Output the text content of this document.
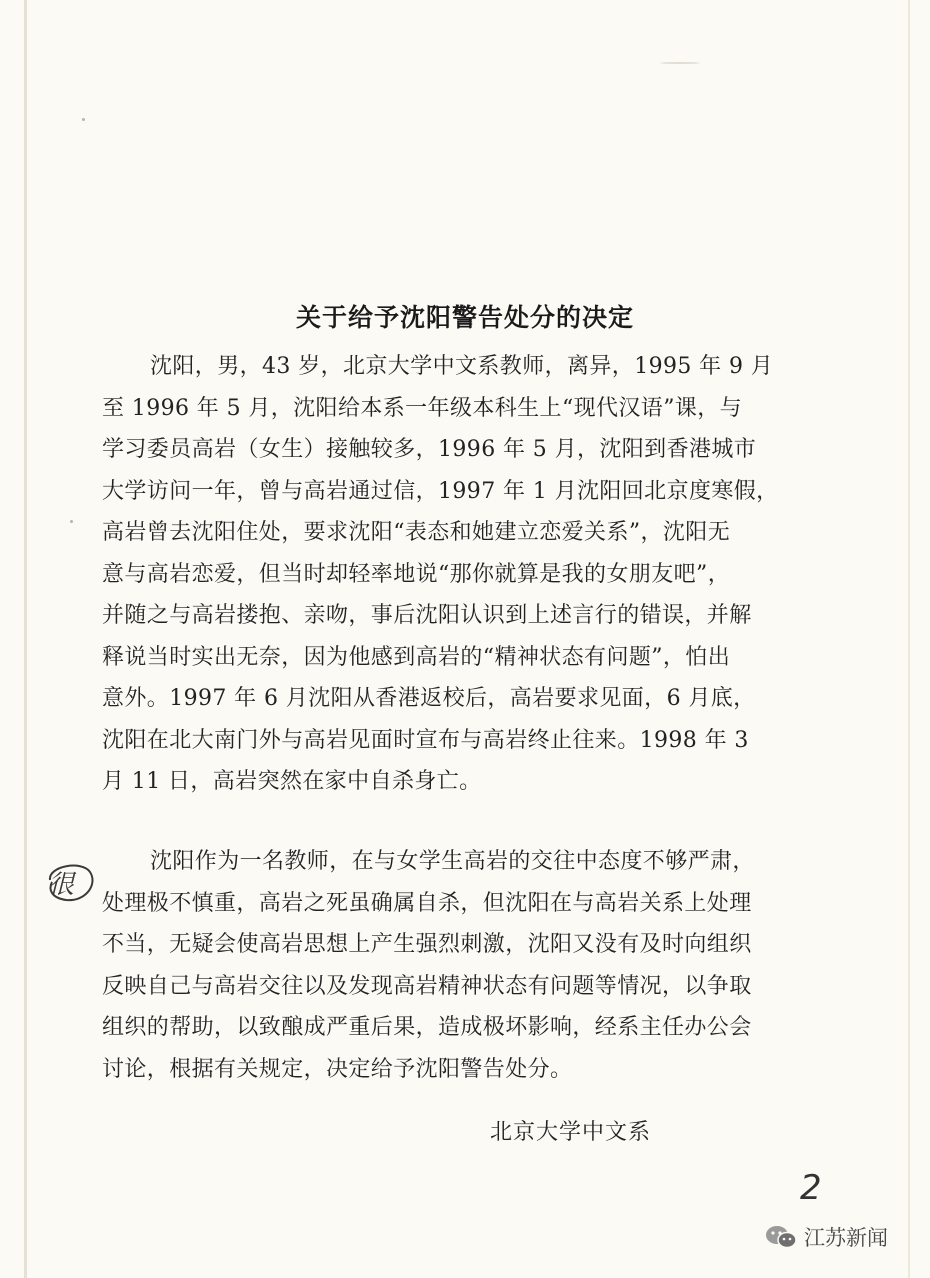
关于给予沈阳警告处分的决定
沈阳，男，43 岁，北京大学中文系教师，离异，1995 年 9 月
至 1996 年 5 月，沈阳给本系一年级本科生上“现代汉语”课，与
学习委员高岩（女生）接触较多，1996 年 5 月，沈阳到香港城市
大学访问一年，曾与高岩通过信，1997 年 1 月沈阳回北京度寒假，
高岩曾去沈阳住处，要求沈阳“表态和她建立恋爱关系”，沈阳无
意与高岩恋爱，但当时却轻率地说“那你就算是我的女朋友吧”，
并随之与高岩搂抱、亲吻，事后沈阳认识到上述言行的错误，并解
释说当时实出无奈，因为他感到高岩的“精神状态有问题”，怕出
意外。1997 年 6 月沈阳从香港返校后，高岩要求见面，6 月底，
沈阳在北大南门外与高岩见面时宣布与高岩终止往来。1998 年 3
月 11 日，高岩突然在家中自杀身亡。
沈阳作为一名教师，在与女学生高岩的交往中态度不够严肃，
处理极不慎重，高岩之死虽确属自杀，但沈阳在与高岩关系上处理
不当，无疑会使高岩思想上产生强烈刺激，沈阳又没有及时向组织
反映自己与高岩交往以及发现高岩精神状态有问题等情况，以争取
组织的帮助，以致酿成严重后果，造成极坏影响，经系主任办公会
讨论，根据有关规定，决定给予沈阳警告处分。
北京大学中文系
很
2
江苏新闻
